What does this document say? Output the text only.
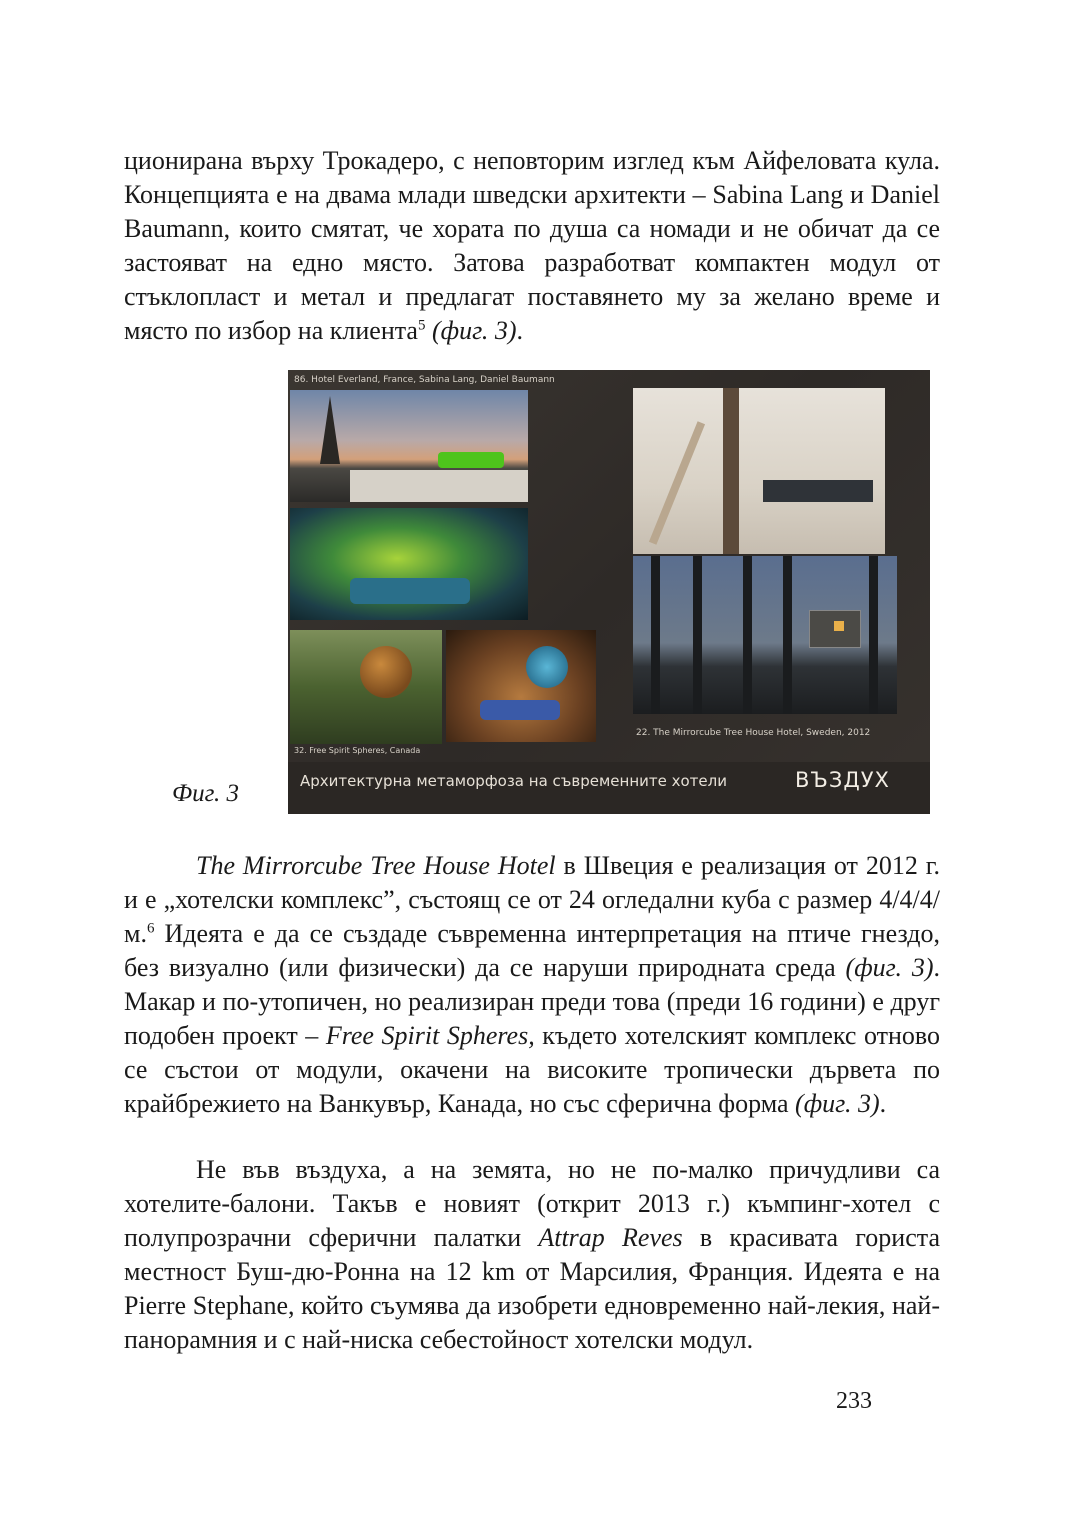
ционирана върху Трокадеро, с неповторим изглед към Айфеловата кула. Концепцията е на двама млади шведски архитекти – Sabina Lang и Daniel Baumann, които смятат, че хората по душа са номади и не обичат да се застояват на едно място. Затова разработват компактен модул от стъклопласт и метал и предлагат поставянето му за желано време и място по избор на клиента$^5$ (фиг. 3).

86. Hotel Everland, France, Sabina Lang, Daniel Baumann
22. The Mirrorcube Tree House Hotel, Sweden, 2012
32. Free Spirit Spheres, Canada
Архитектурна метаморфоза на съвременните хотели	ВЪЗДУХ
Фиг. 3

The Mirrorcube Tree House Hotel в Швеция е реализация от 2012 г. и е „хотелски комплекс”, състоящ се от 24 огледални куба с размер 4/4/4/м.$^6$ Идеята е да се създаде съвременна интерпретация на птиче гнездо, без визуално (или физически) да се наруши природната среда (фиг. 3). Макар и по-утопичен, но реализиран преди това (преди 16 години) е друг подобен проект – Free Spirit Spheres, където хотелският комплекс отново се състои от модули, окачени на високите тропически дървета по крайбрежието на Ванкувър, Канада, но със сферична форма (фиг. 3).

Не във въздуха, а на земята, но не по-малко причудливи са хотелите-балони. Такъв е новият (открит 2013 г.) къмпинг-хотел с полупрозрачни сферични палатки Attrap Reves в красивата гориста местност Буш-дю-Ронна на 12 km от Марсилия, Франция. Идеята е на Pierre Stephane, който съумява да изобрети едновременно най-лекия, най-панорамния и с най-ниска себестойност хотелски модул.

233
